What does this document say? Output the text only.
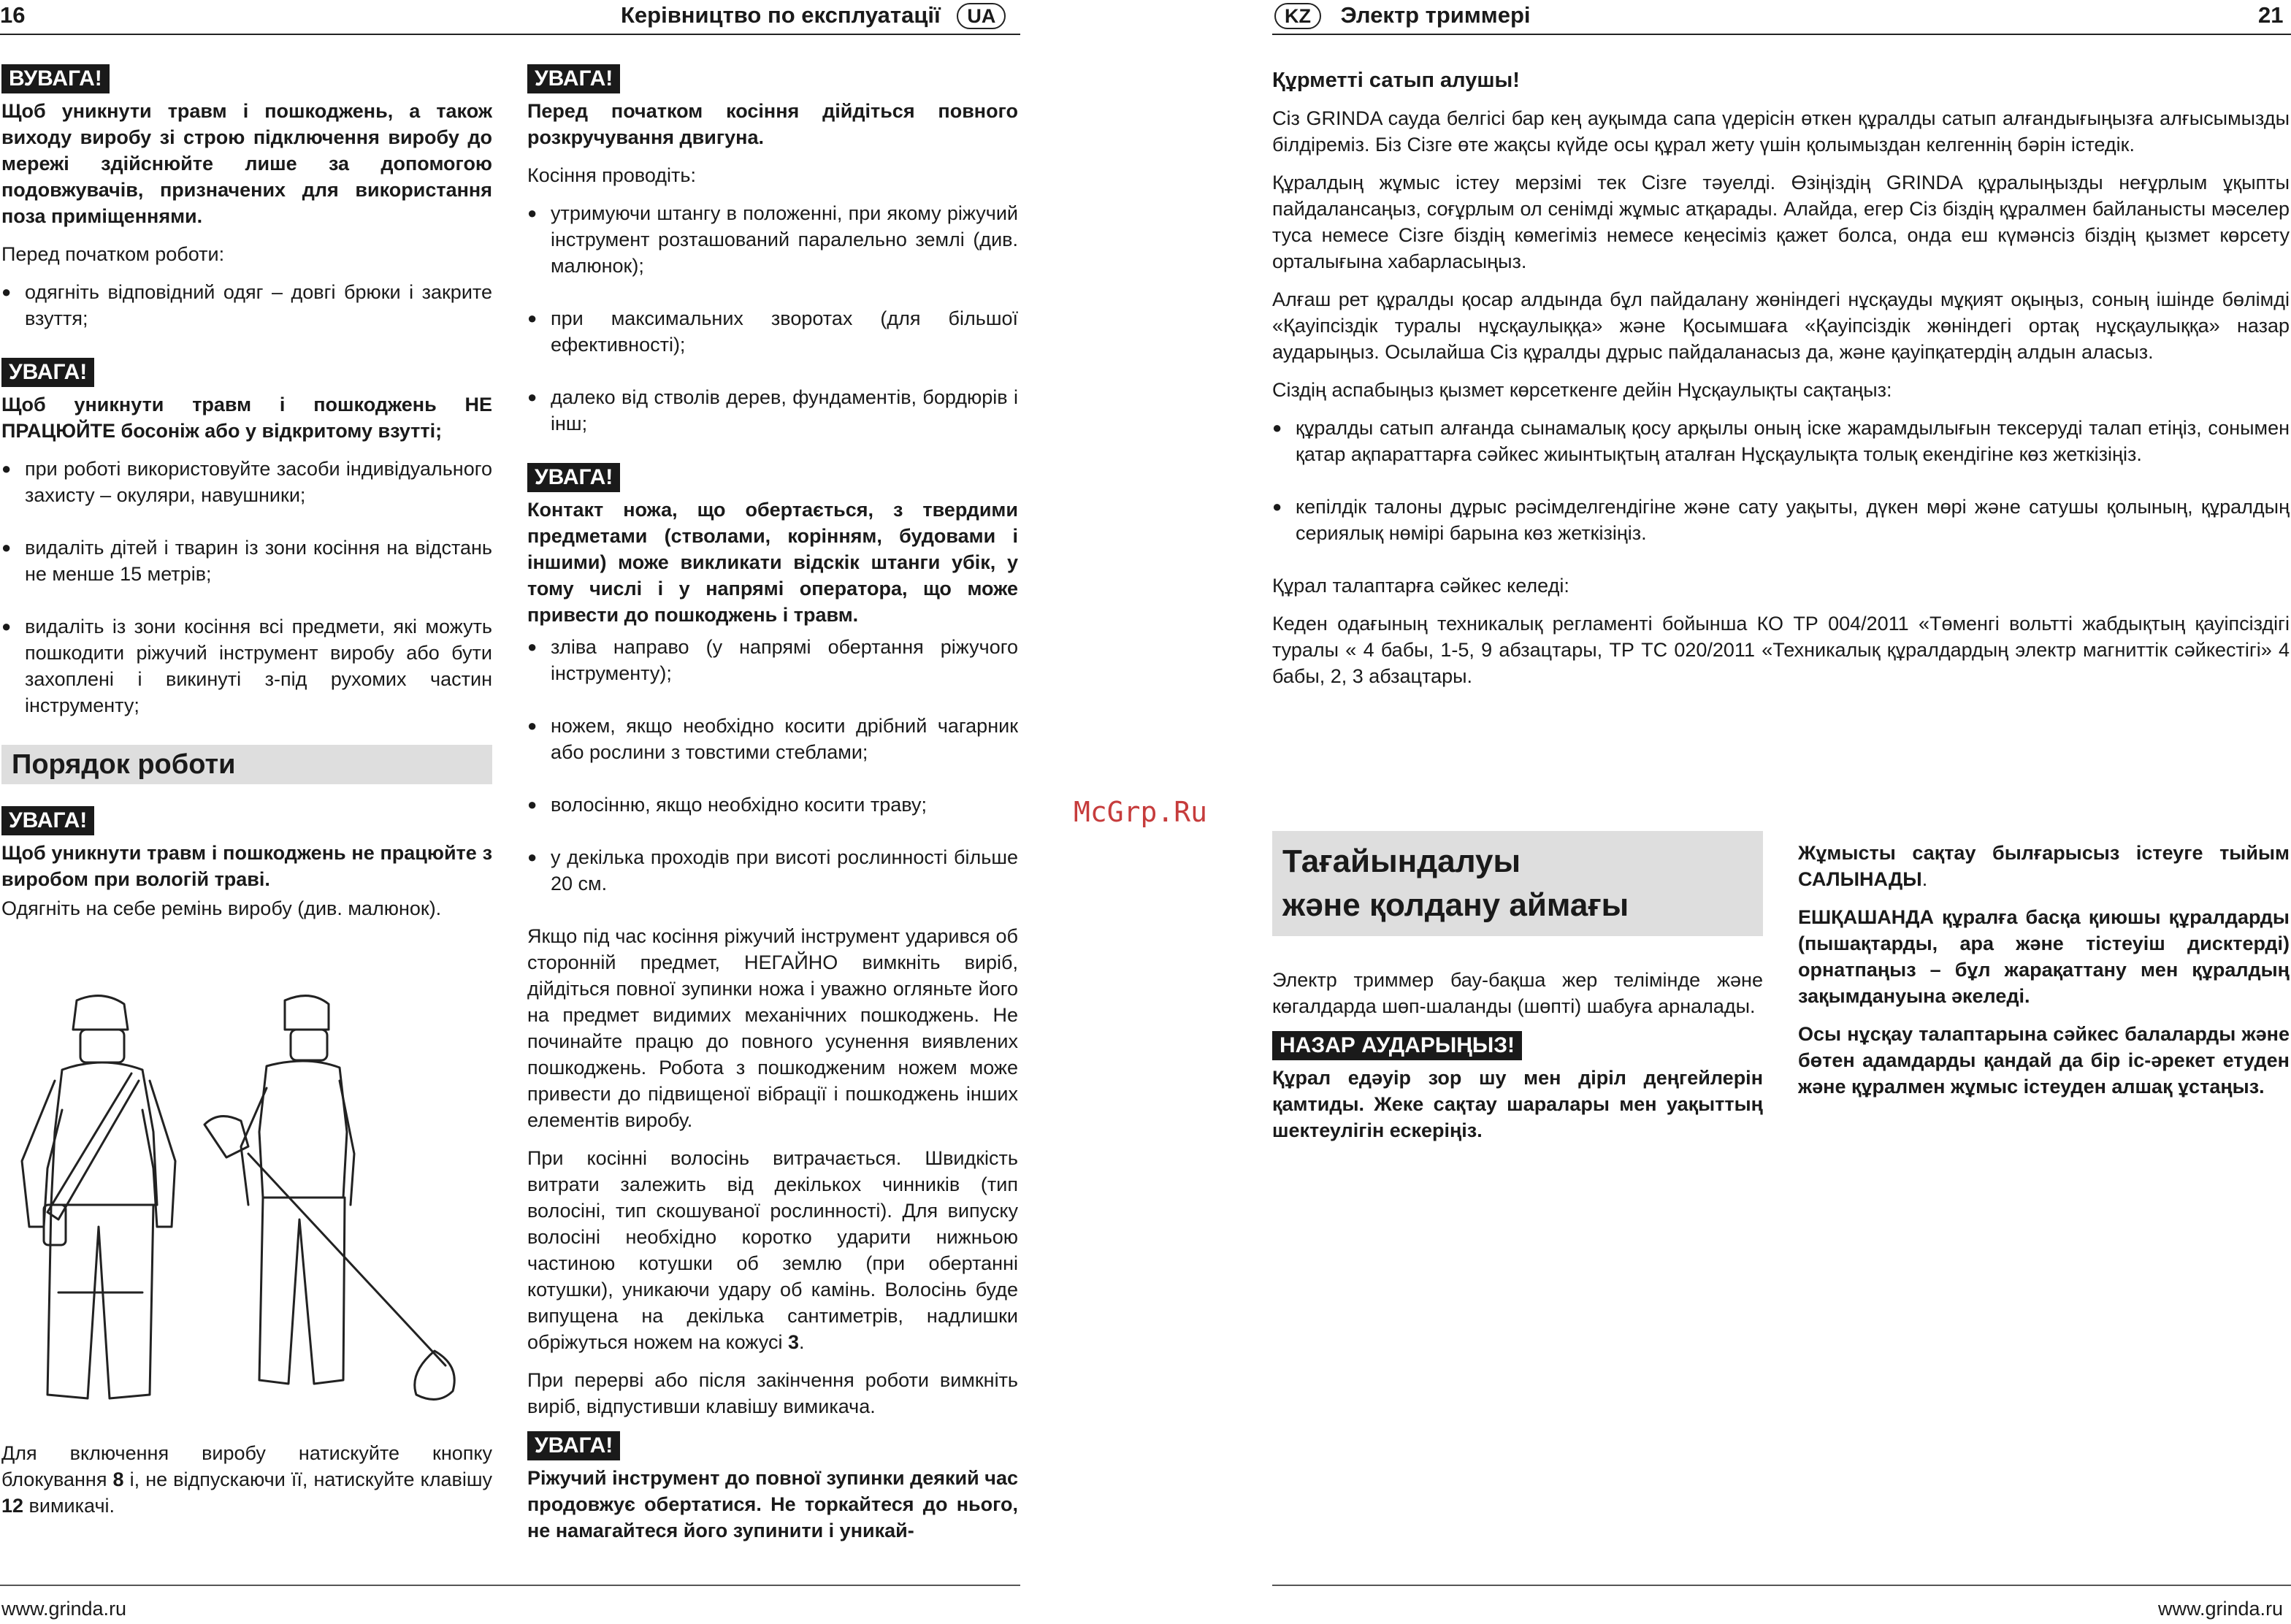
16	Керівництво по експлуатації UA	KZ Электр триммері	21
ВУВАГА!

Щоб уникнути травм і пошкоджень, а також виходу виробу зі строю підключення виробу до мережі здійснюйте лише за допомогою подовжувачів, призначених для використання поза приміщеннями.

Перед початком роботи:

● одягніть відповідний одяг – довгі брюки і закрите взуття;
УВАГА!

Щоб уникнути травм і пошкоджень НЕ ПРАЦЮЙТЕ босоніж або у відкритому взутті;

● при роботі використовуйте засоби індивідуального захисту – окуляри, навушники;
● видаліть дітей і тварин із зони косіння на відстань не менше 15 метрів;
● видаліть із зони косіння всі предмети, які можуть пошкодити ріжучий інструмент виробу або бути захоплені і викинуті з-під рухомих частин інструменту;
Порядок роботи
УВАГА!

Щоб уникнути травм і пошкоджень не працюйте з виробом при вологій траві.

Одягніть на себе ремінь виробу (див. малюнок).

Для включення виробу натискуйте кнопку блокування 8 і, не відпускаючи її, натискуйте клавішу 12 вимикачі.

УВАГА!

Перед початком косіння дійдіться повного розкручування двигуна.

Косіння проводіть:

● утримуючи штангу в положенні, при якому ріжучий інструмент розташований паралельно землі (див. малюнок);
● при максимальних зворотах (для більшої ефективності);
● далеко від стволів дерев, фундаментів, бордюрів і інш;
УВАГА!

Контакт ножа, що обертається, з твердими предметами (стволами, корінням, будовами і іншими) може викликати відскік штанги убік, у тому числі і у напрямі оператора, що може привести до пошкоджень і травм.

● зліва направо (у напрямі обертання ріжучого інструменту);
● ножем, якщо необхідно косити дрібний чагарник або рослини з товстими стеблами;
● волосінню, якщо необхідно косити траву;
● у декілька проходів при висоті рослинності більше 20 см.

Якщо під час косіння ріжучий інструмент ударився об сторонній предмет, НЕГАЙНО вимкніть виріб, дійдіться повної зупинки ножа і уважно огляньте його на предмет видимих механічних пошкоджень. Не починайте працю до повного усунення виявлених пошкоджень. Робота з пошкодженим ножем може привести до підвищеної вібрації і пошкоджень інших елементів виробу.

При косінні волосінь витрачається. Швидкість витрати залежить від декількох чинників (тип волосіні, тип скошуваної рослинності). Для випуску волосіні необхідно коротко ударити нижньою частиною котушки об землю (при обертанні котушки), уникаючи удару об камінь. Волосінь буде випущена на декілька сантиметрів, надлишки обріжуться ножем на кожусі 3.

При перерві або після закінчення роботи вимкніть виріб, відпустивши клавішу вимикача.

УВАГА!

Ріжучий інструмент до повної зупинки деякий час продовжує обертатися. Не торкайтеся до нього, не намагайтеся його зупинити і уникай-

McGrp.Ru

Құрметті сатып алушы!

Сіз GRINDA сауда белгісі бар кең ауқымда сапа үдерісін өткен құралды сатып алғандығыңызға алғысымызды білдіреміз. Біз Сізге өте жақсы күйде осы құрал жету үшін қолымыздан келгеннің бәрін істедік.

Құралдың жұмыс істеу мерзімі тек Сізге тәуелді. Өзіңіздің GRINDA құралыңызды неғұрлым ұқыпты пайдалансаңыз, соғұрлым ол сенімді жұмыс атқарады. Алайда, егер Сіз біздің құралмен байланысты мәселер туса немесе Сізге біздің көмегіміз немесе кеңесіміз қажет болса, онда еш күмәнсіз біздің қызмет көрсету орталығына хабарласыңыз.

Алғаш рет құралды қосар алдында бұл пайдалану жөніндегі нұсқауды мұқият оқыңыз, соның ішінде бөлімді «Қауіпсіздік туралы нұсқаулыққа» және Қосымшаға «Қауіпсіздік жөніндегі ортақ нұсқаулыққа» назар аударыңыз. Осылайша Сіз құралды дұрыс пайдаланасыз да, және қауіпқатердің алдын аласыз.

Сіздің аспабыңыз қызмет көрсеткенге дейін Нұсқаулықты сақтаңыз:

● құралды сатып алғанда сынамалық қосу арқылы оның іске жарамдылығын тексеруді талап етіңіз, сонымен қатар ақпараттарға сәйкес жиынтықтың аталған Нұсқаулықта толық екендігіне көз жеткізіңіз.
● кепілдік талоны дұрыс рәсімделгендігіне және сату уақыты, дүкен мөрі және сатушы қолының, құралдың сериялық нөмірі барына көз жеткізіңіз.

Құрал талаптарға сәйкес келеді:

Кеден одағының техникалық регламенті бойынша КО ТР 004/2011 «Төменгі вольтті жабдықтың қауіпсіздігі туралы « 4 бабы, 1-5, 9 абзацтары, ТР ТС 020/2011 «Техникалық құралдардың электр магниттік сәйкестігі» 4 бабы, 2, 3 абзацтары.

Тағайындалуы
және қолдану аймағы

Электр триммер бау-бақша жер телімінде және көгалдарда шөп-шаланды (шөпті) шабуға арналады.

НАЗАР АУДАРЫҢЫЗ!

Құрал едәуір зор шу мен діріл деңгейлерін қамтиды. Жеке сақтау шаралары мен уақыттың шектеулігін ескеріңіз.

Жұмысты сақтау былғарысыз істеуге тыйым САЛЫНАДЫ.

ЕШҚАШАНДА құралға басқа қиюшы құралдарды (пышақтарды, ара және тістеуіш дисктерді) орнатпаңыз – бұл жарақаттану мен құралдың зақымдануына әкеледі.

Осы нұсқау талаптарына сәйкес балаларды және бөтен адамдарды қандай да бір іс-әрекет етуден және құралмен жұмыс істеуден алшақ ұстаңыз.

www.grinda.ru	www.grinda.ru
